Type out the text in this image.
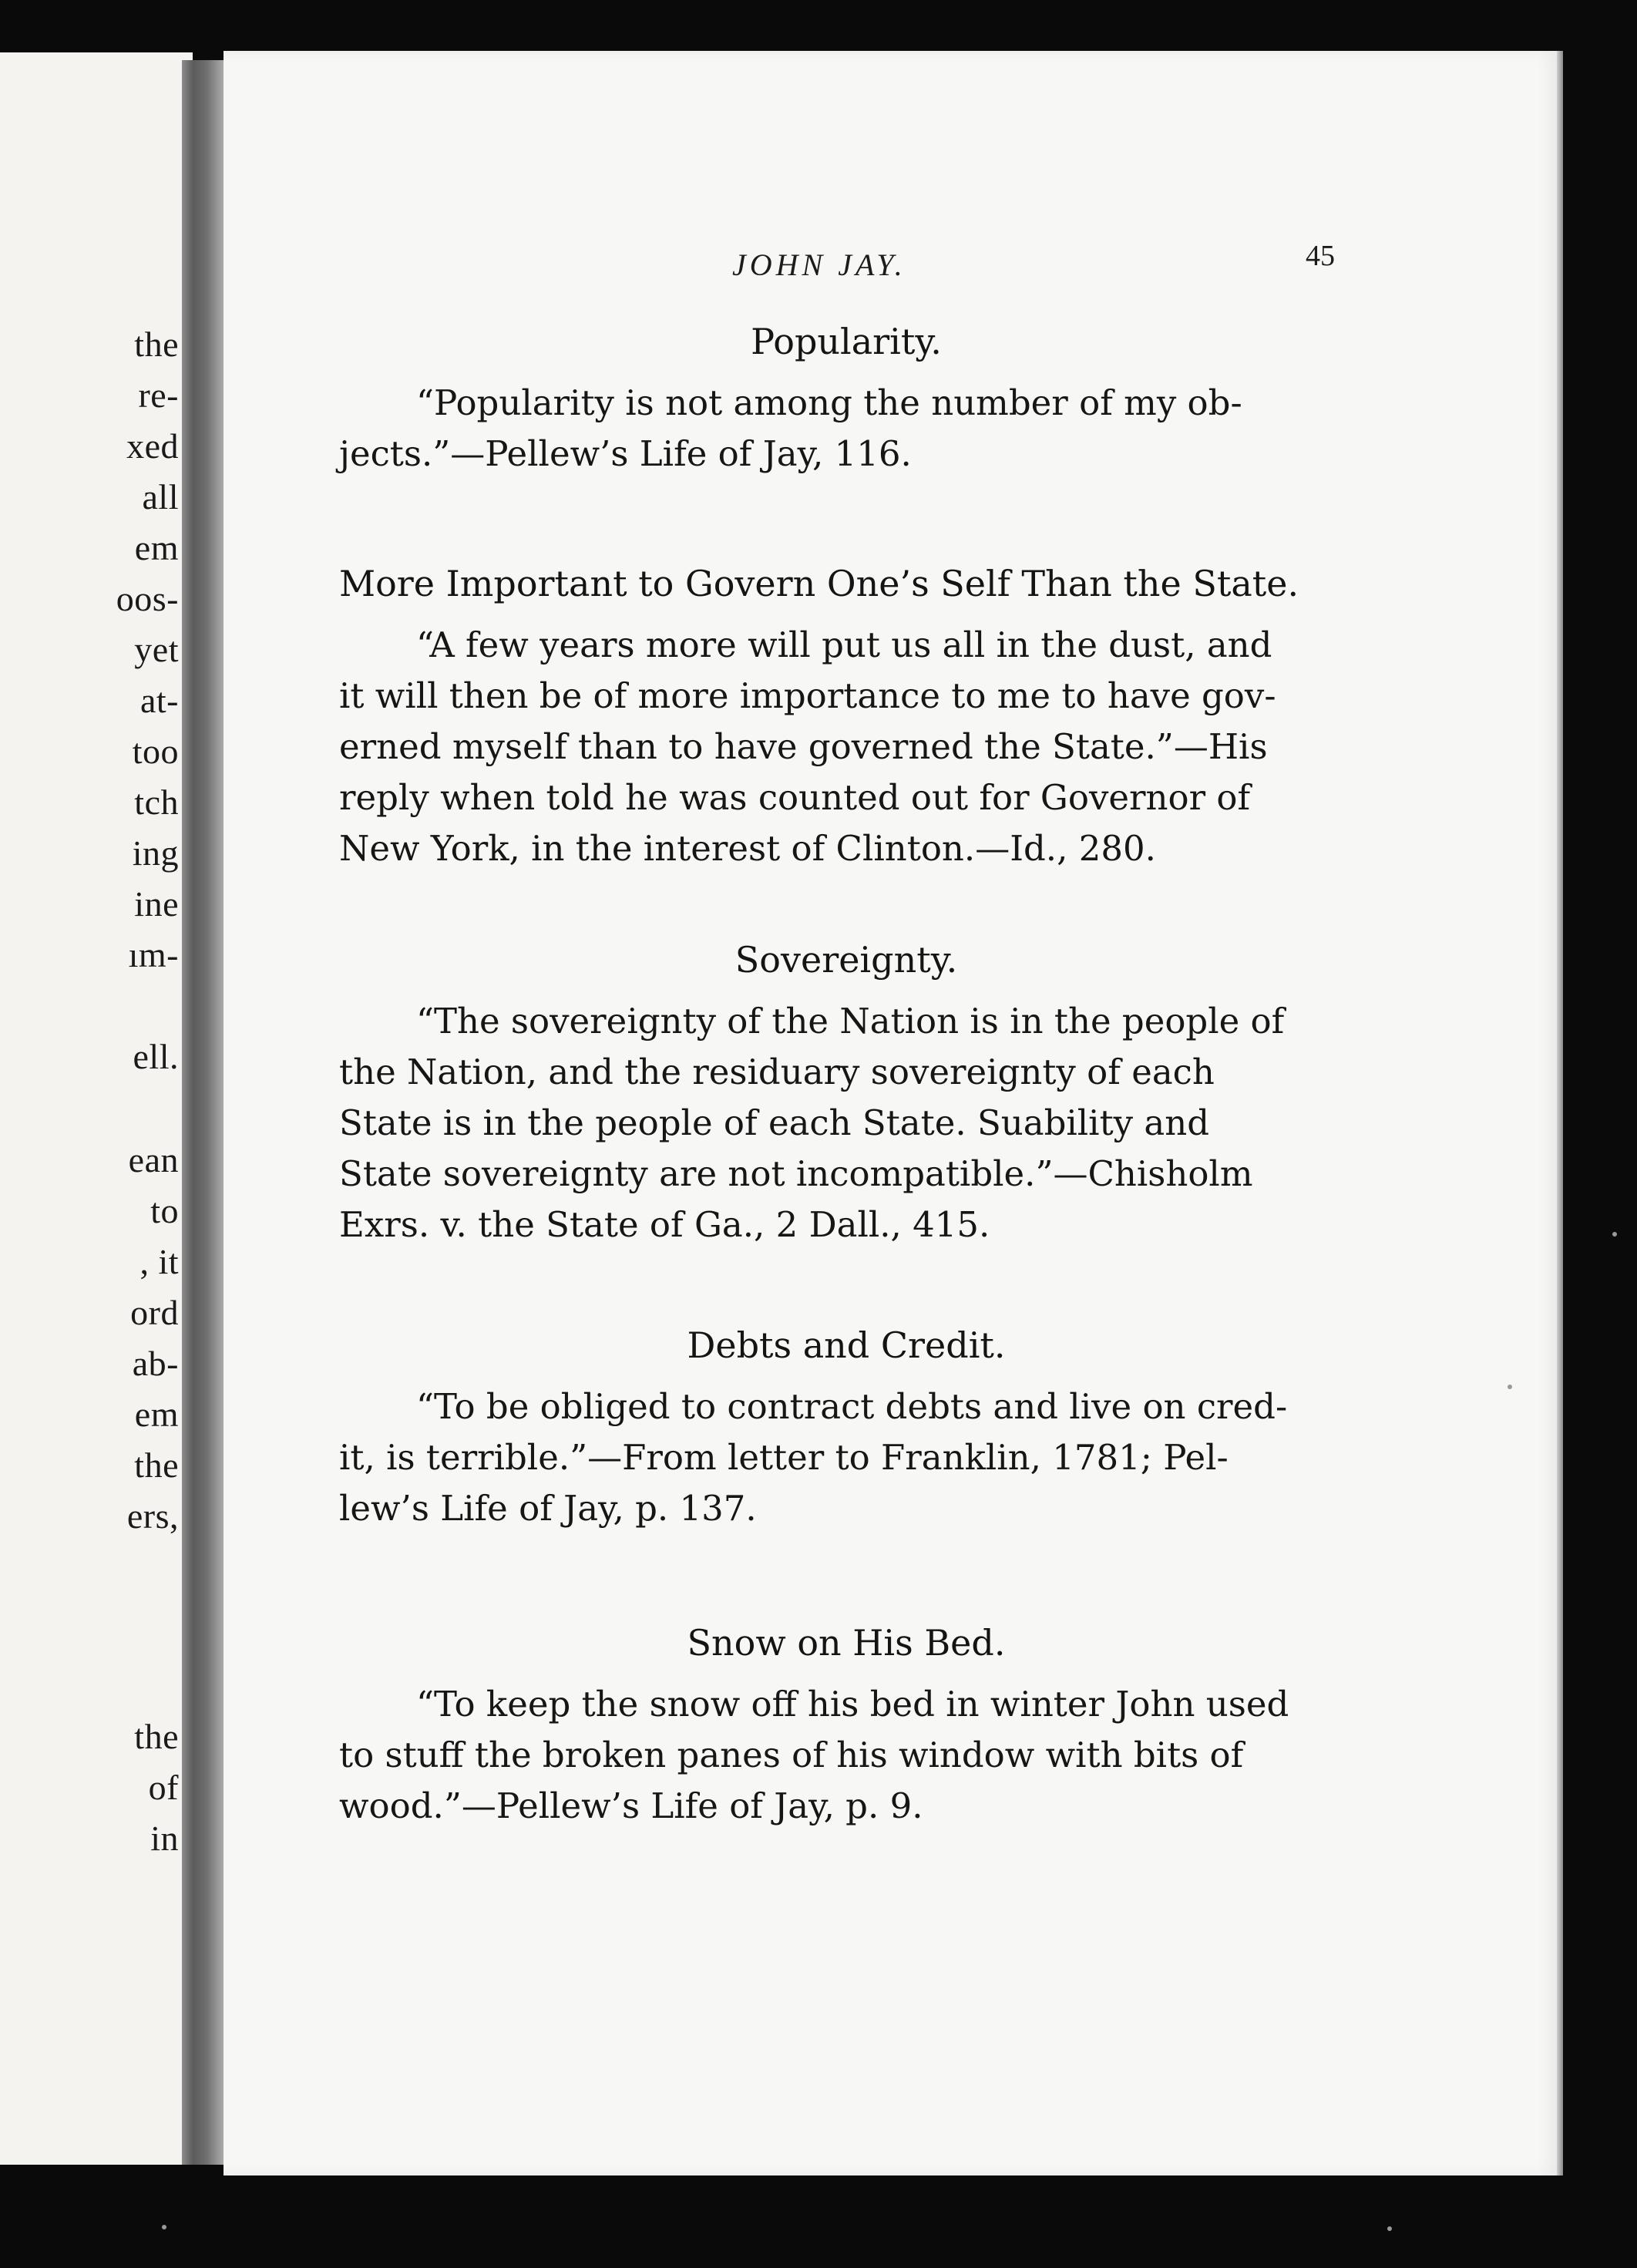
the

re-

xed

all

em

oos-

yet

at-

too

tch

ing

ine

ım-

ell.

ean

to

, it

ord

ab-

em

the

ers,

the

of

in

JOHN JAY.	45
Popularity.

“Popularity is not among the number of my ob-
jects.”—Pellew’s Life of Jay, 116.

More Important to Govern One’s Self Than the State.

“A few years more will put us all in the dust, and
it will then be of more importance to me to have gov-
erned myself than to have governed the State.”—His
reply when told he was counted out for Governor of
New York, in the interest of Clinton.—Id., 280.

Sovereignty.

“The sovereignty of the Nation is in the people of
the Nation, and the residuary sovereignty of each
State is in the people of each State. Suability and
State sovereignty are not incompatible.”—Chisholm
Exrs. v. the State of Ga., 2 Dall., 415.

Debts and Credit.

“To be obliged to contract debts and live on cred-
it, is terrible.”—From letter to Franklin, 1781; Pel-
lew’s Life of Jay, p. 137.

Snow on His Bed.

“To keep the snow off his bed in winter John used
to stuff the broken panes of his window with bits of
wood.”—Pellew’s Life of Jay, p. 9.
